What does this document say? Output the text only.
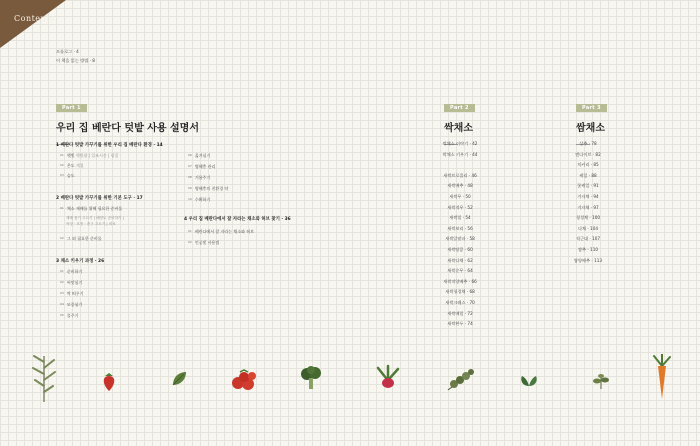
Contents
프롤로그 · 4
이 책을 읽는 방법 · 8
Part 1
우리 집 베란다 텃밭 사용 설명서
1 베란다 텃밭 가꾸기를 위한 우리 집 베란다 환경 · 14
$^{01}$ 햇빛 햇빛량 | 일조시간 | 광질
$^{02}$ 온도 계절
$^{03}$ 습도
2 베란다 텃밭 가꾸기를 위한 기본 도구 · 17
$^{01}$ 채소 재배를 위해 필요한 준비물
재배 용기 고르기 | 배양토 준비하기 |
씨앗 · 모종 · 종구 고르기 | 비료
$^{02}$ 그 외 필요한 준비물
3 채소 키우기 과정 · 26
$^{01}$ 준비하기
$^{02}$ 씨앗심기
$^{03}$ 싹 띄우기
$^{04}$ 모종심기
$^{05}$ 물주기
$^{06}$ 옮겨심기
$^{07}$ 병해충 관리
$^{08}$ 거름주기
$^{09}$ 병해충의 친환경 약
$^{10}$ 수확하기
4 우리 집 베란다에서 잘 자라는 채소와 허브 찾기 · 36
$^{01}$ 베란다에서 잘 자라는 채소와 허브
$^{02}$ 인공빛 사용법
Part 2
싹채소
싹채소 이야기 · 42
싹채소 키우기 · 44
새싹브로콜리 · 46
새싹배추 · 48
새싹무 · 50
새싹적무 · 52
새싹밀 · 54
새싹보리 · 56
새싹알팔파 · 58
새싹땅콩 · 60
새싹다채 · 62
새싹순무 · 64
새싹적양배추 · 66
새싹청경채 · 68
새싹크레스 · 70
새싹메밀 · 72
새싹완두 · 74
Part 3
쌈채소
상추 · 78
엔다이브 · 82
치커리 · 85
케일 · 88
꽃케일 · 91
겨자채 · 94
겨자채 · 97
청경채 · 100
다채 · 104
적근대 · 107
쌈추 · 110
쌈양배추 · 113
